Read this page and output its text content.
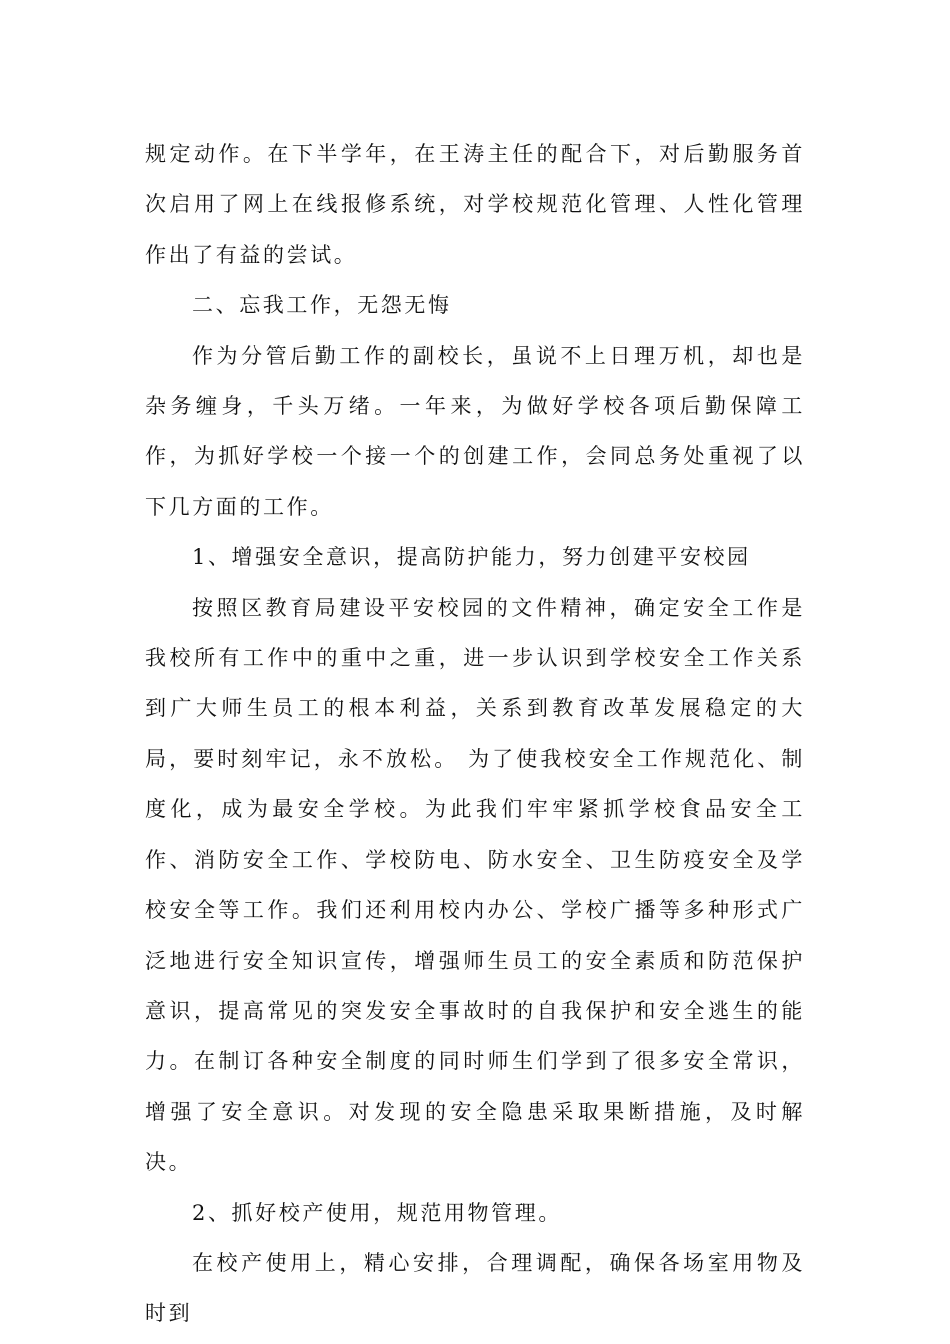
规定动作。在下半学年，在王涛主任的配合下，对后勤服务首次启用了网上在线报修系统，对学校规范化管理、人性化管理作出了有益的尝试。

二、忘我工作，无怨无悔

作为分管后勤工作的副校长，虽说不上日理万机，却也是杂务缠身，千头万绪。一年来，为做好学校各项后勤保障工作，为抓好学校一个接一个的创建工作，会同总务处重视了以下几方面的工作。

1、增强安全意识，提高防护能力，努力创建平安校园

按照区教育局建设平安校园的文件精神，确定安全工作是我校所有工作中的重中之重，进一步认识到学校安全工作关系到广大师生员工的根本利益，关系到教育改革发展稳定的大局，要时刻牢记，永不放松。 为了使我校安全工作规范化、制度化，成为最安全学校。为此我们牢牢紧抓学校食品安全工作、消防安全工作、学校防电、防水安全、卫生防疫安全及学校安全等工作。我们还利用校内办公、学校广播等多种形式广泛地进行安全知识宣传，增强师生员工的安全素质和防范保护意识，提高常见的突发安全事故时的自我保护和安全逃生的能力。在制订各种安全制度的同时师生们学到了很多安全常识，增强了安全意识。对发现的安全隐患采取果断措施，及时解决。

2、抓好校产使用，规范用物管理。

在校产使用上，精心安排，合理调配，确保各场室用物及时到
